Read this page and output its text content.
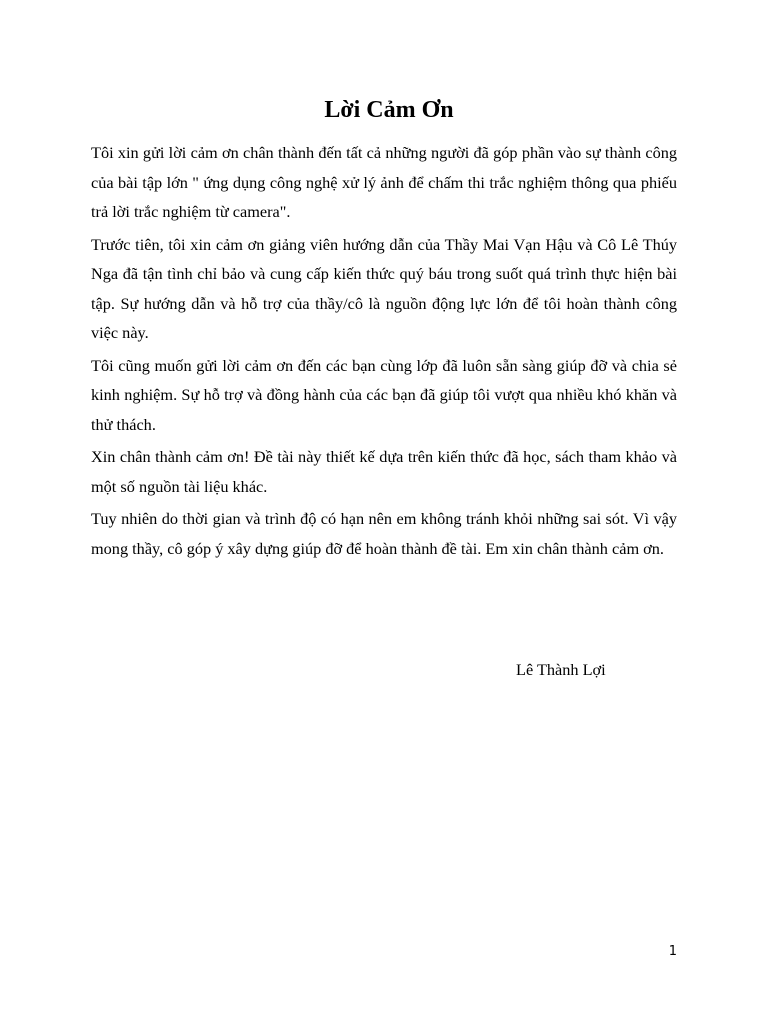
Lời Cảm Ơn

Tôi xin gửi lời cảm ơn chân thành đến tất cả những người đã góp phần vào sự thành công của bài tập lớn " ứng dụng công nghệ xử lý ảnh để chấm thi trắc nghiệm thông qua phiếu trả lời trắc nghiệm từ camera".

Trước tiên, tôi xin cảm ơn giảng viên hướng dẫn của Thầy Mai Vạn Hậu và Cô Lê Thúy Nga đã tận tình chỉ bảo và cung cấp kiến thức quý báu trong suốt quá trình thực hiện bài tập. Sự hướng dẫn và hỗ trợ của thầy/cô là nguồn động lực lớn để tôi hoàn thành công việc này.

Tôi cũng muốn gửi lời cảm ơn đến các bạn cùng lớp đã luôn sẵn sàng giúp đỡ và chia sẻ kinh nghiệm. Sự hỗ trợ và đồng hành của các bạn đã giúp tôi vượt qua nhiều khó khăn và thử thách.

Xin chân thành cảm ơn! Đề tài này thiết kế dựa trên kiến thức đã học, sách tham khảo và một số nguồn tài liệu khác.

Tuy nhiên do thời gian và trình độ có hạn nên em không tránh khỏi những sai sót. Vì vậy mong thầy, cô góp ý xây dựng giúp đỡ để hoàn thành đề tài. Em xin chân thành cảm ơn.

Lê Thành Lợi
1
